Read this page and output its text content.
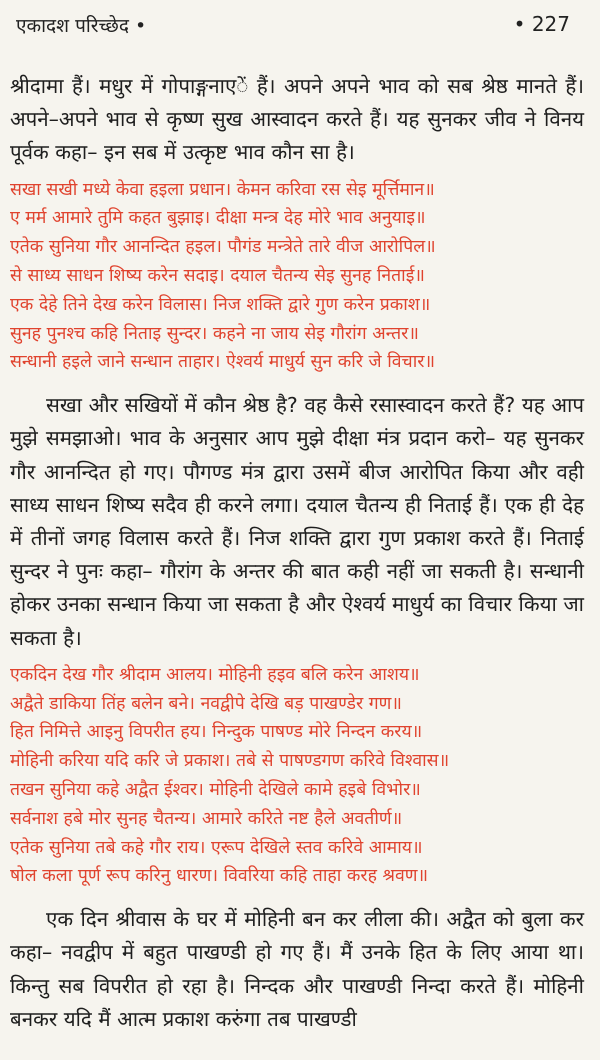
एकादश परिच्छेद •	• 227

श्रीदामा हैं। मधुर में गोपाङ्गनाएें हैं। अपने अपने भाव को सब श्रेष्ठ मानते हैं। अपने–अपने भाव से कृष्ण सुख आस्वादन करते हैं। यह सुनकर जीव ने विनय पूर्वक कहा– इन सब में उत्कृष्ट भाव कौन सा है।

सखा सखी मध्ये केवा हइला प्रधान। केमन करिवा रस सेइ मूर्त्तिमान॥
ए मर्म आमारे तुमि कहत बुझाइ। दीक्षा मन्त्र देह मोरे भाव अनुयाइ॥
एतेक सुनिया गौर आनन्दित हइल। पौगंड मन्त्रेते तारे वीज आरोपिल॥
से साध्य साधन शिष्य करेन सदाइ। दयाल चैतन्य सेइ सुनह निताई॥
एक देहे तिने देख करेन विलास। निज शक्ति द्वारे गुण करेन प्रकाश॥
सुनह पुनश्च कहि निताइ सुन्दर। कहने ना जाय सेइ गौरांग अन्तर॥
सन्धानी हइले जाने सन्धान ताहार। ऐश्वर्य माधुर्य सुन करि जे विचार॥

सखा और सखियों में कौन श्रेष्ठ है? वह कैसे रसास्वादन करते हैं? यह आप मुझे समझाओ। भाव के अनुसार आप मुझे दीक्षा मंत्र प्रदान करो– यह सुनकर गौर आनन्दित हो गए। पौगण्ड मंत्र द्वारा उसमें बीज आरोपित किया और वही साध्य साधन शिष्य सदैव ही करने लगा। दयाल चैतन्य ही निताई हैं। एक ही देह में तीनों जगह विलास करते हैं। निज शक्ति द्वारा गुण प्रकाश करते हैं। निताई सुन्दर ने पुनः कहा– गौरांग के अन्तर की बात कही नहीं जा सकती है। सन्धानी होकर उनका सन्धान किया जा सकता है और ऐश्वर्य माधुर्य का विचार किया जा सकता है।

एकदिन देख गौर श्रीदाम आलय। मोहिनी हइव बलि करेन आशय॥
अद्वैते डाकिया तिंह बलेन बने। नवद्वीपे देखि बड़ पाखण्डेर गण॥
हित निमित्ते आइनु विपरीत हय। निन्दुक पाषण्ड मोरे निन्दन करय॥
मोहिनी करिया यदि करि जे प्रकाश। तबे से पाषण्डगण करिवे विश्वास॥
तखन सुनिया कहे अद्वैत ईश्वर। मोहिनी देखिले कामे हइबे विभोर॥
सर्वनाश हबे मोर सुनह चैतन्य। आमारे करिते नष्ट हैले अवतीर्ण॥
एतेक सुनिया तबे कहे गौर राय। एरूप देखिले स्तव करिवे आमाय॥
षोल कला पूर्ण रूप करिनु धारण। विवरिया कहि ताहा करह श्रवण॥

एक दिन श्रीवास के घर में मोहिनी बन कर लीला की। अद्वैत को बुला कर कहा– नवद्वीप में बहुत पाखण्डी हो गए हैं। मैं उनके हित के लिए आया था। किन्तु सब विपरीत हो रहा है। निन्दक और पाखण्डी निन्दा करते हैं। मोहिनी बनकर यदि मैं आत्म प्रकाश करुंगा तब पाखण्डी
